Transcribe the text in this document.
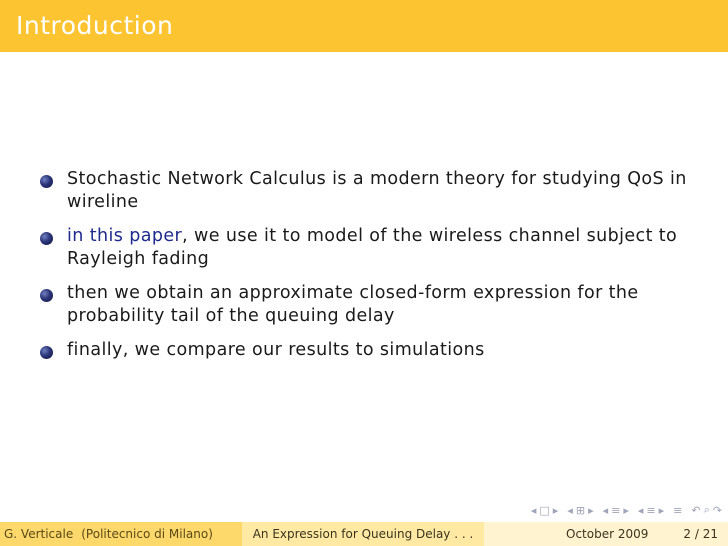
Introduction
Stochastic Network Calculus is a modern theory for studying QoS in wireline
in this paper, we use it to model of the wireless channel subject to Rayleigh fading
then we obtain an approximate closed-form expression for the probability tail of the queuing delay
finally, we compare our results to simulations
◂ □ ▸ ◂ ⊞ ▸ ◂ ≡ ▸ ◂ ≡ ▸ ≡ ↶ ⌕ ↷
G. Verticale (Politecnico di Milano)	An Expression for Queuing Delay . . .	October 2009	2 / 21
